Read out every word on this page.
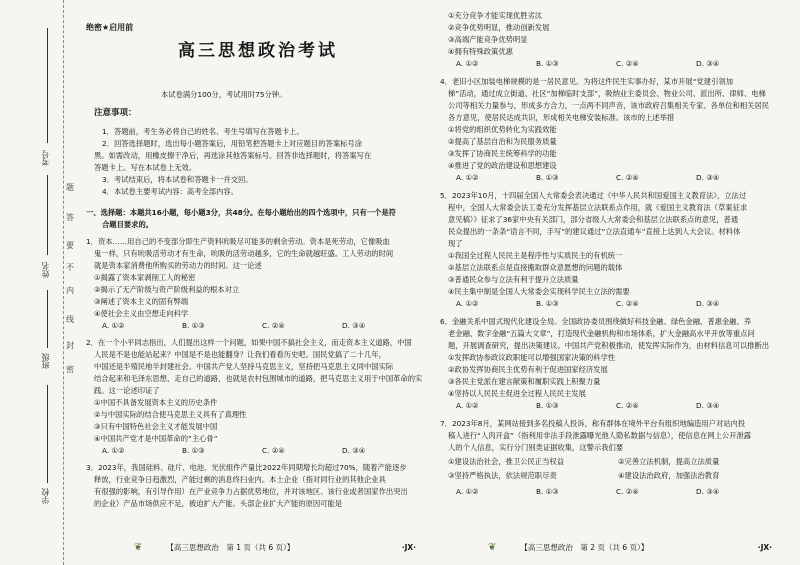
考号
姓名
班级
学校
题
答
要
不
内
线
封
密
绝密★启用前
高三思想政治考试
本试卷满分100分，考试用时75分钟。
注意事项：
1．答题前，考生务必将自己的姓名、考生号填写在答题卡上。
2．回答选择题时，选出每小题答案后，用铅笔把答题卡上对应题目的答案标号涂
黑。如需改动，用橡皮擦干净后，再选涂其他答案标号。回答非选择题时，将答案写在
答题卡上。写在本试卷上无效。
3．考试结束后，将本试卷和答题卡一并交回。
4．本试卷主要考试内容：高考全部内容。
一、选择题：本题共16小题，每小题3分，共48分。在每小题给出的四个选项中，只有一个是符
合题目要求的。
1．资本……用自己的不变部分即生产资料吮吸尽可能多的剩余劳动。资本是死劳动，它像吸血
鬼一样，只有吮吸活劳动才有生命，吮吸的活劳动越多，它的生命就越旺盛。工人劳动的时间
就是资本家消费他所购买的劳动力的时间。这一论述
①揭露了资本家剥削工人的秘密
②揭示了无产阶级与资产阶级利益的根本对立
③阐述了资本主义的固有弊端
④使社会主义由空想走向科学
A. ①②	B. ①③	C. ②④	D. ③④
2．在一个小平同志指出，人们提出这样一个问题，如果中国不搞社会主义，而走资本主义道路，中国
人民是不是也能站起来？中国是不是也能翻身？让我们看看历史吧。国民党搞了二十几年，
中国还是半殖民地半封建社会。中国共产党人坚持马克思主义，坚持把马克思主义同中国实际
结合起来和毛泽东思想，走自己的道路，也就是农村包围城市的道路，把马克思主义用于中国革命的实
践。这一论述印证了
①中国不具备发展资本主义的历史条件
②与中国实际的结合使马克思主义具有了真理性
③只有中国特色社会主义才能发展中国
④中国共产党才是中国革命的“主心骨”
A. ①②	B. ①③	C. ②④	D. ③④
3．2023年，我国硅料、硅片、电池、光伏组件产量比2022年同期增长均超过70%，随着产能逐步
释放，行业竞争日趋激烈，产能过剩的消息终扫业内。本土企业（指对同行业的其他企业具
有很强的影响，有引导作用）在产业竞争力占据优势地位，并对该地区、该行业或者国家作出突出
的企业）产品市场供应不足，被迫扩大产能。头部企业扩大产能的原因可能是
❦	【高三思想政治　第 1 页（共 6 页）】	·JX·
①充分竞争才能实现优胜劣汰
②竞争优势明显，推动创新发展
③高端产能竞争优势明显
④拥有特殊政策优惠
A. ①②	B. ①③	C. ②④	D. ③④
4．老旧小区加装电梯规模的是一居民意见。为将这件民生实事办好，某市开展“党建引领加
梯”活动，通过成立街道、社区“加梯临时支部”，吸纳业主委员会、物业公司、派出所、律师、电梯
公司等相关力量参与，形成多方合力，一点两不同声音，该市政府召集相关专家、各单位和相关居民
各方意见，使居民达成共识，形成相关电梯安装标准。该市的上述举措
①将党的组织优势转化为实践效能
②提高了基层自治和为民服务质量
③发挥了协商民主统筹科学的功能
④推进了党的政治建设和思想建设
A. ①②	B. ①③	C. ②④	D. ③④
5．2023年10月，十四届全国人大常委会表决通过《中华人民共和国爱国主义教育法》，立法过
程中，全国人大常委会法工委充分发挥基层立法联系点作用，就《爱国主义教育法（草案征求
意见稿）》征求了36家中央有关部门，部分省级人大常委会和基层立法联系点的意见，普通
民众提出的一条条“语言不同，手写”的建议通过“立法直通车”直接上达到人大会议。材料体
现了
①我国全过程人民民主是程序性与实质民主的有机统一
②基层立法联系点是直接搬取群众意愿想的问题的载体
③普通民众参与立法有利于提升立法质量
④民主集中制是全国人大常委会实现科学民主立法的需要
A. ①②	B. ①③	C. ②④	D. ③④
6．金融关系中国式现代化建设全局。全国政协委员围绕做好科技金融、绿色金融、普惠金融、养
老金融、数字金融“五篇大文章”，打造现代金融机构和市场体系，扩大金融高水平开放等重点问
题，开展调查研究，提出决策建议。中国共产党积极推动，使发挥实际作为，由材料信息可以推断出
①发挥政协参政议政职能可以增强国家决策的科学性
②政协发挥协商民主优势有利于促进国家经济发展
③各民主党派在建言献策和履职实践上积聚力量
④坚持以人民民主促进全过程人民民主发展
A. ①②	B. ①③	C. ②④	D. ③④
7．2023年8月，某网站接到多名投稿人投诉，称有群体在境外平台有组织地编造用户对站内投
稿人进行“人肉开盒”（指利用非法手段泄露曝光他人隐私数据与信息），使信息在网上公开泄露
人的个人信息，实行分门别类证据收集，这警示我们要
①建设法治社会，推卫公民正当权益	②完善立法机制，提高立法质量
③坚持严格执法，依法规范职尽责	④建设法治政府，加强法治教育
A. ①②	B. ①③	C. ②④	D. ③④
❦	【高三思想政治　第 2 页（共 6 页）】	·JX·
